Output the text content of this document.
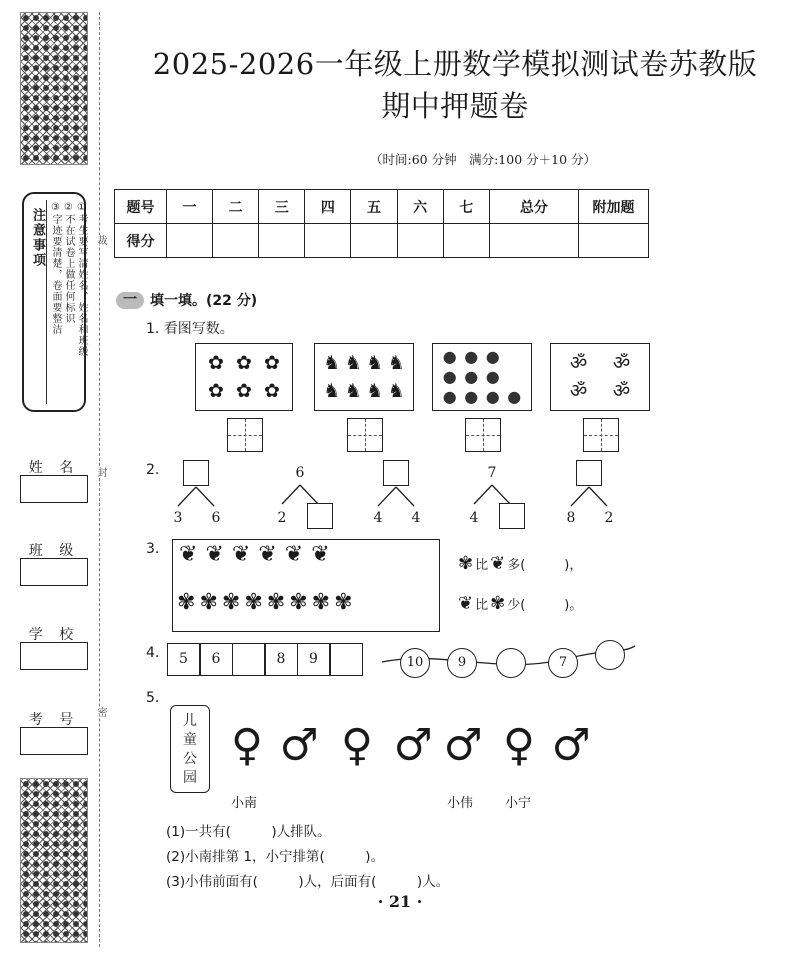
注意事项	①考生要写清姓名、姓名和班级
②不在试卷上做任何标识
③字迹要清楚，卷面要整洁
姓 名
班 级
学 校
考 号
裁
封
密
2025-2026一年级上册数学模拟测试卷苏教版
期中押题卷
（时间:60 分钟　满分:100 分＋10 分）
题号	一	二	三	四	五	六	七	总分	附加题
得分									
一 填一填。(22 分)
1. 看图写数。
✿ ✿ ✿
✿ ✿ ✿
♞ ♞ ♞ ♞
♞ ♞ ♞ ♞
● ● ●
● ● ●
● ● ● ●
ॐ	ॐ
ॐ	ॐ
2.
3	6
6
2	4	4
7
4	8	2
3. ❦ ❦ ❦ ❦ ❦ ❦
✾ ✾ ✾ ✾ ✾ ✾ ✾ ✾
✾ 比 ❦ 多(　　　)，
❦ 比 ✾ 少(　　　)。
4.	5	6	8	9	10	9	7
5.
儿
童
公
园
♀ ♂ ♀ ♂ ♂ ♀ ♂
小南	小伟 小宁
(1)一共有(　　　)人排队。
(2)小南排第 1，小宁排第(　　　)。
(3)小伟前面有(　　　)人，后面有(　　　)人。
· 21 ·
